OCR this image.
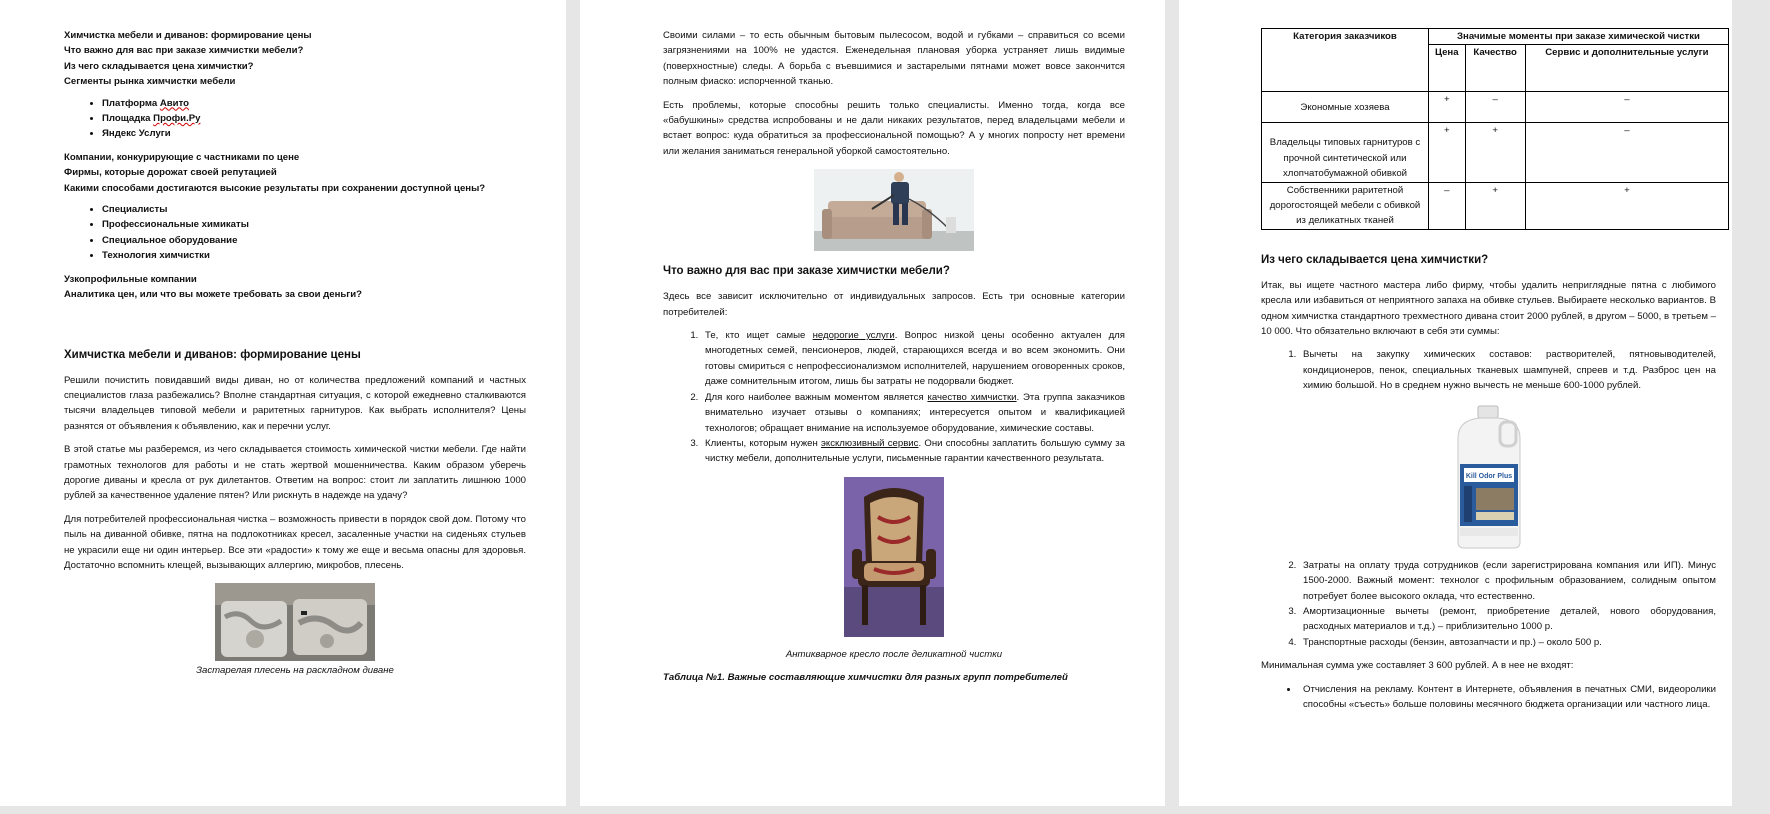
Химчистка мебели и диванов: формирование цены

Что важно для вас при заказе химчистки мебели?

Из чего складывается цена химчистки?

Сегменты рынка химчистки мебели

• Платформа Авито
• Площадка Профи.Ру
• Яндекс Услуги

Компании, конкурирующие с частниками по цене

Фирмы, которые дорожат своей репутацией

Какими способами достигаются высокие результаты при сохранении доступной цены?

• Специалисты
• Профессиональные химикаты
• Специальное оборудование
• Технология химчистки

Узкопрофильные компании

Аналитика цен, или что вы можете требовать за свои деньги?

Химчистка мебели и диванов: формирование цены

Решили почистить повидавший виды диван, но от количества предложений компаний и частных специалистов глаза разбежались? Вполне стандартная ситуация, с которой ежедневно сталкиваются тысячи владельцев типовой мебели и раритетных гарнитуров. Как выбрать исполнителя? Цены разнятся от объявления к объявлению, как и перечни услуг.

В этой статье мы разберемся, из чего складывается стоимость химической чистки мебели. Где найти грамотных технологов для работы и не стать жертвой мошенничества. Каким образом уберечь дорогие диваны и кресла от рук дилетантов. Ответим на вопрос: стоит ли заплатить лишнюю 1000 рублей за качественное удаление пятен? Или рискнуть в надежде на удачу?

Для потребителей профессиональная чистка – возможность привести в порядок свой дом. Потому что пыль на диванной обивке, пятна на подлокотниках кресел, засаленные участки на сиденьях стульев не украсили еще ни один интерьер. Все эти «радости» к тому же еще и весьма опасны для здоровья. Достаточно вспомнить клещей, вызывающих аллергию, микробов, плесень.

Застарелая плесень на раскладном диване

Своими силами – то есть обычным бытовым пылесосом, водой и губками – справиться со всеми загрязнениями на 100% не удастся. Еженедельная плановая уборка устраняет лишь видимые (поверхностные) следы. А борьба с въевшимися и застарелыми пятнами может вовсе закончится полным фиаско: испорченной тканью.

Есть проблемы, которые способны решить только специалисты. Именно тогда, когда все «бабушкины» средства испробованы и не дали никаких результатов, перед владельцами мебели и встает вопрос: куда обратиться за профессиональной помощью? А у многих попросту нет времени или желания заниматься генеральной уборкой самостоятельно.

Что важно для вас при заказе химчистки мебели?

Здесь все зависит исключительно от индивидуальных запросов. Есть три основные категории потребителей:

1. Те, кто ищет самые недорогие услуги. Вопрос низкой цены особенно актуален для многодетных семей, пенсионеров, людей, старающихся всегда и во всем экономить. Они готовы смириться с непрофессионализмом исполнителей, нарушением оговоренных сроков, даже сомнительным итогом, лишь бы затраты не подорвали бюджет.
2. Для кого наиболее важным моментом является качество химчистки. Эта группа заказчиков внимательно изучает отзывы о компаниях; интересуется опытом и квалификацией технологов; обращает внимание на используемое оборудование, химические составы.
3. Клиенты, которым нужен эксклюзивный сервис. Они способны заплатить большую сумму за чистку мебели, дополнительные услуги, письменные гарантии качественного результата.

Антикварное кресло после деликатной чистки

Таблица №1. Важные составляющие химчистки для разных групп потребителей

Категория заказчиков	Значимые моменты при заказе химической чистки		
	Цена	Качество	Сервис и дополнительные услуги
Экономные хозяева	+	–	–
Владельцы типовых гарнитуров с прочной синтетической или хлопчатобумажной обивкой	+	+	–
Собственники раритетной дорогостоящей мебели с обивкой из деликатных тканей	–	+	+

Из чего складывается цена химчистки?

Итак, вы ищете частного мастера либо фирму, чтобы удалить неприглядные пятна с любимого кресла или избавиться от неприятного запаха на обивке стульев. Выбираете несколько вариантов. В одном химчистка стандартного трехместного дивана стоит 2000 рублей, в другом – 5000, в третьем – 10 000. Что обязательно включают в себя эти суммы:

1. Вычеты на закупку химических составов: растворителей, пятновыводителей, кондиционеров, пенок, специальных тканевых шампуней, спреев и т.д. Разброс цен на химию большой. Но в среднем нужно вычесть не меньше 600-1000 рублей.
Kill Odor Plus
2. Затраты на оплату труда сотрудников (если зарегистрирована компания или ИП). Минус 1500-2000. Важный момент: технолог с профильным образованием, солидным опытом потребует более высокого оклада, что естественно.
3. Амортизационные вычеты (ремонт, приобретение деталей, нового оборудования, расходных материалов и т.д.) – приблизительно 1000 р.
4. Транспортные расходы (бензин, автозапчасти и пр.) – около 500 р.

Минимальная сумма уже составляет 3 600 рублей. А в нее не входят:

• Отчисления на рекламу. Контент в Интернете, объявления в печатных СМИ, видеоролики способны «съесть» больше половины месячного бюджета организации или частного лица.
